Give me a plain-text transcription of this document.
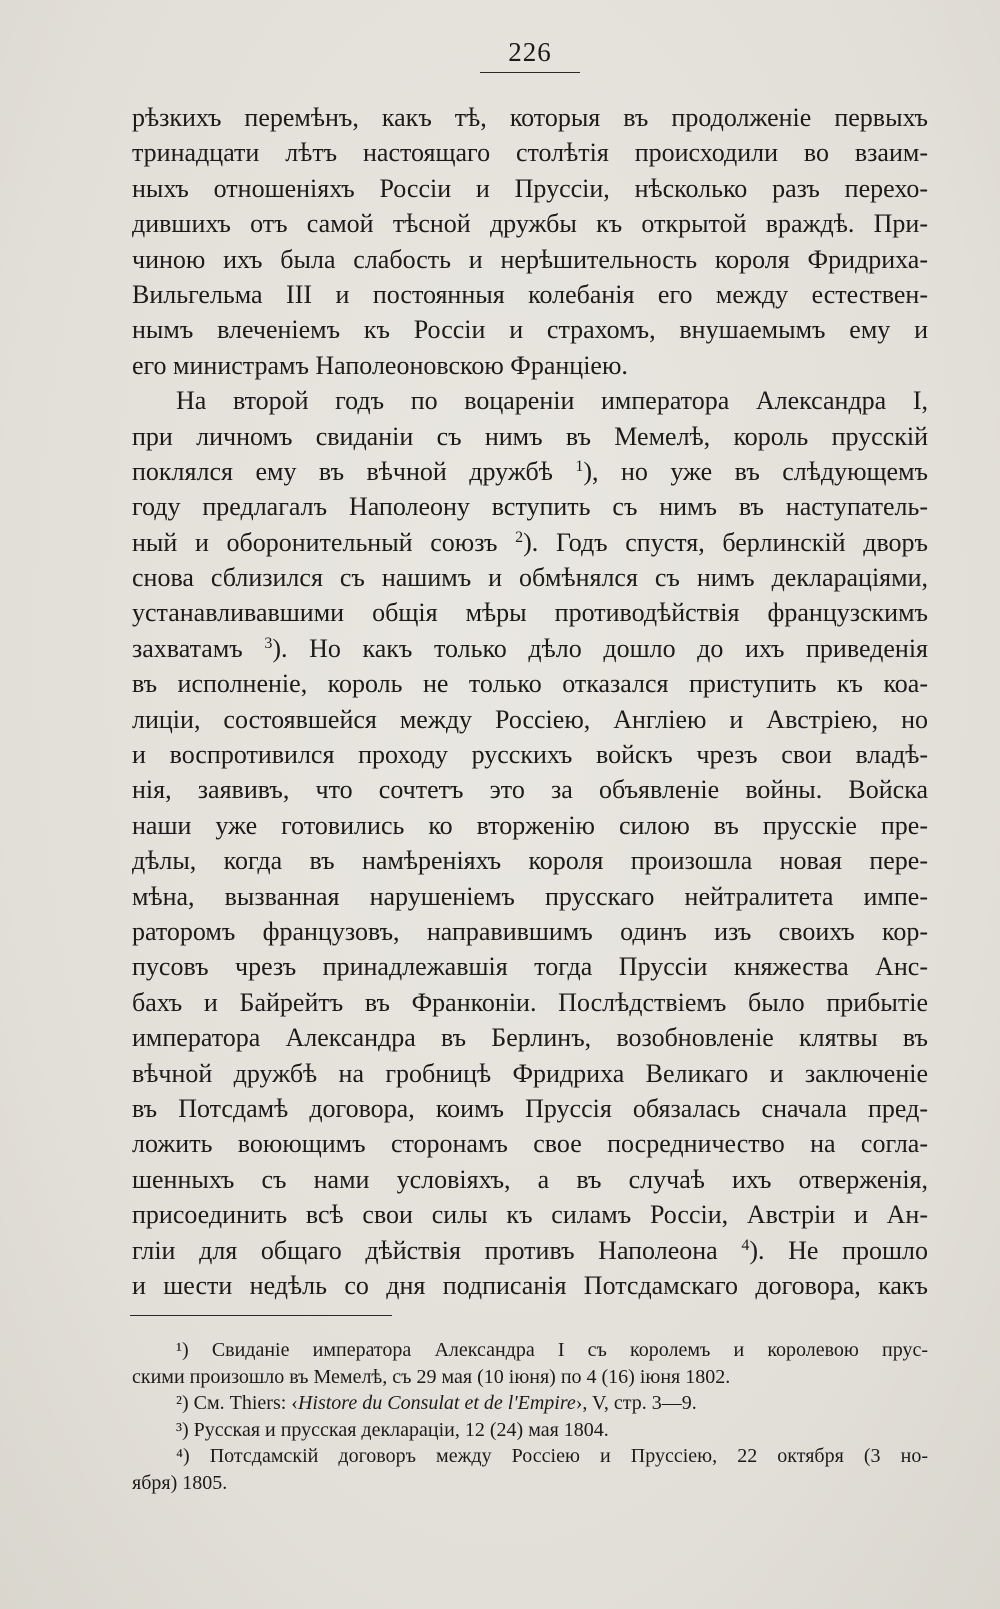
226
рѣзкихъ перемѣнъ, какъ тѣ, которыя въ продолженіе первыхъ
тринадцати лѣтъ настоящаго столѣтія происходили во взаим-
ныхъ отношеніяхъ Россіи и Пруссіи, нѣсколько разъ перехо-
дившихъ отъ самой тѣсной дружбы къ открытой враждѣ. При-
чиною ихъ была слабость и нерѣшительность короля Фридриха-
Вильгельма III и постоянныя колебанія его между естествен-
нымъ влеченіемъ къ Россіи и страхомъ, внушаемымъ ему и
его министрамъ Наполеоновскою Франціею.
На второй годъ по воцареніи императора Александра I,
при личномъ свиданіи съ нимъ въ Мемелѣ, король прусскій
поклялся ему въ вѣчной дружбѣ $^1$), но уже въ слѣдующемъ
году предлагалъ Наполеону вступить съ нимъ въ наступатель-
ный и оборонительный союзъ $^2$). Годъ спустя, берлинскій дворъ
снова сблизился съ нашимъ и обмѣнялся съ нимъ деклараціями,
устанавливавшими общія мѣры противодѣйствія французскимъ
захватамъ $^3$). Но какъ только дѣло дошло до ихъ приведенія
въ исполненіе, король не только отказался приступить къ коа-
лиціи, состоявшейся между Россіею, Англіею и Австріею, но
и воспротивился проходу русскихъ войскъ чрезъ свои владѣ-
нія, заявивъ, что сочтетъ это за объявленіе войны. Войска
наши уже готовились ко вторженію силою въ прусскіе пре-
дѣлы, когда въ намѣреніяхъ короля произошла новая пере-
мѣна, вызванная нарушеніемъ прусскаго нейтралитета импе-
раторомъ французовъ, направившимъ одинъ изъ своихъ кор-
пусовъ чрезъ принадлежавшія тогда Пруссіи княжества Анс-
бахъ и Байрейтъ въ Франконіи. Послѣдствіемъ было прибытіе
императора Александра въ Берлинъ, возобновленіе клятвы въ
вѣчной дружбѣ на гробницѣ Фридриха Великаго и заключеніе
въ Потсдамѣ договора, коимъ Пруссія обязалась сначала пред-
ложить воюющимъ сторонамъ свое посредничество на согла-
шенныхъ съ нами условіяхъ, а въ случаѣ ихъ отверженія,
присоединить всѣ свои силы къ силамъ Россіи, Австріи и Ан-
гліи для общаго дѣйствія противъ Наполеона $^4$). Не прошло
и шести недѣль со дня подписанія Потсдамскаго договора, какъ
¹) Свиданіе императора Александра I съ королемъ и королевою прус-
скими произошло въ Мемелѣ, съ 29 мая (10 іюня) по 4 (16) іюня 1802.
²) См. Thiers: ‹Histore du Consulat et de l'Empire›, V, стр. 3—9.
³) Русская и прусская деклараціи, 12 (24) мая 1804.
⁴) Потсдамскій договоръ между Россіею и Пруссіею, 22 октября (3 но-
ября) 1805.
